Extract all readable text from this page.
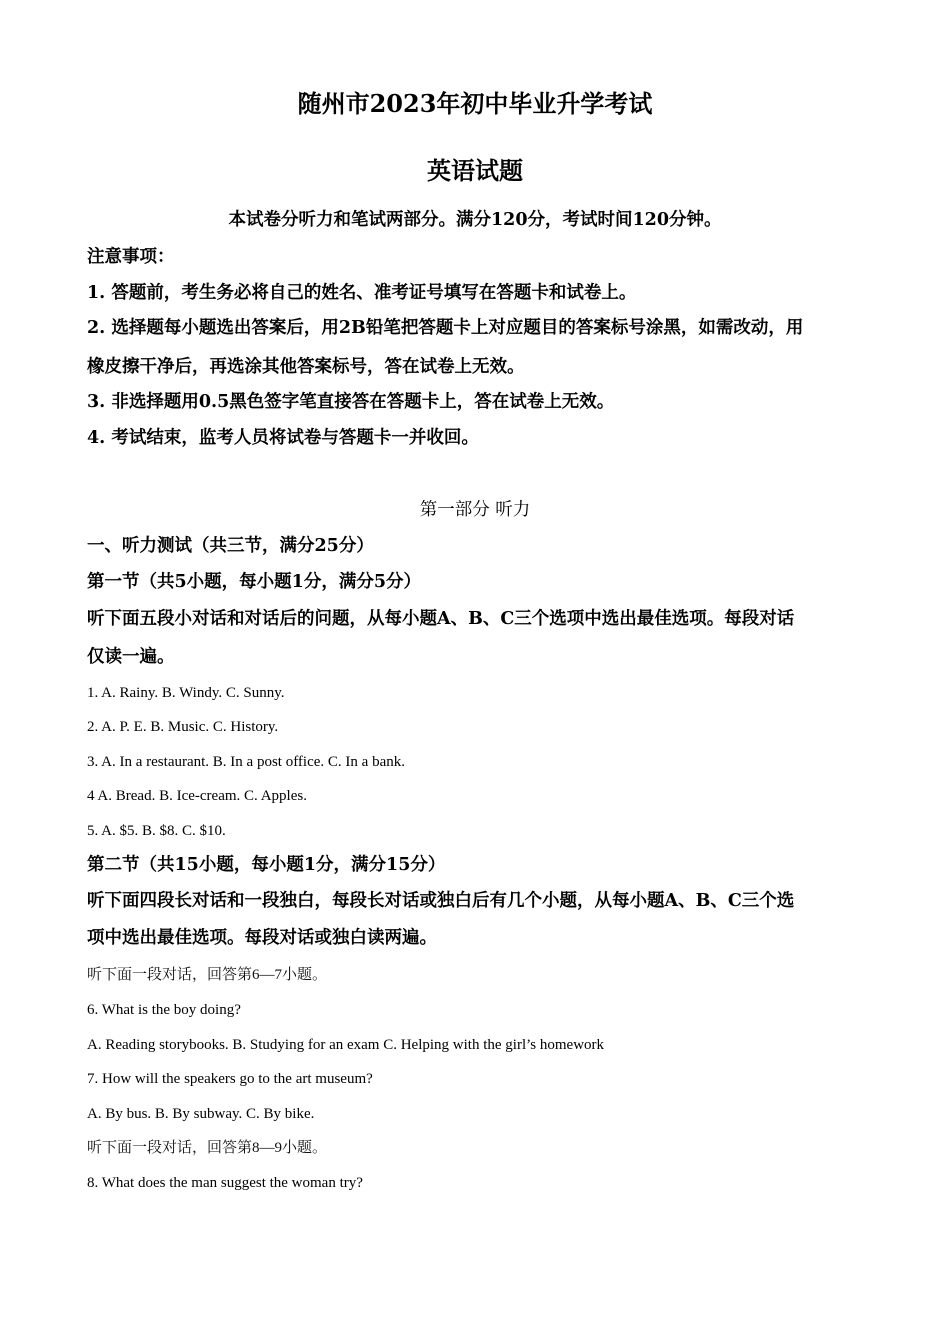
随州市2023年初中毕业升学考试
英语试题
本试卷分听力和笔试两部分。满分120分，考试时间120分钟。
注意事项：
1. 答题前，考生务必将自己的姓名、准考证号填写在答题卡和试卷上。
2. 选择题每小题选出答案后，用2B铅笔把答题卡上对应题目的答案标号涂黑，如需改动，用
橡皮擦干净后，再选涂其他答案标号，答在试卷上无效。
3. 非选择题用0.5黑色签字笔直接答在答题卡上，答在试卷上无效。
4. 考试结束，监考人员将试卷与答题卡一并收回。
第一部分 听力
一、听力测试（共三节，满分25分）
第一节（共5小题，每小题1分，满分5分）
听下面五段小对话和对话后的问题，从每小题A、B、C三个选项中选出最佳选项。每段对话
仅读一遍。
1. A. Rainy. B. Windy. C. Sunny.
2. A. P. E. B. Music. C. History.
3. A. In a restaurant. B. In a post office. C. In a bank.
4 A. Bread. B. Ice-cream. C. Apples.
5. A. $5. B. $8. C. $10.
第二节（共15小题，每小题1分，满分15分）
听下面四段长对话和一段独白，每段长对话或独白后有几个小题，从每小题A、B、C三个选
项中选出最佳选项。每段对话或独白读两遍。
听下面一段对话，回答第6—7小题。
6. What is the boy doing?
A. Reading storybooks. B. Studying for an exam C. Helping with the girl’s homework
7. How will the speakers go to the art museum?
A. By bus. B. By subway. C. By bike.
听下面一段对话，回答第8—9小题。
8. What does the man suggest the woman try?
